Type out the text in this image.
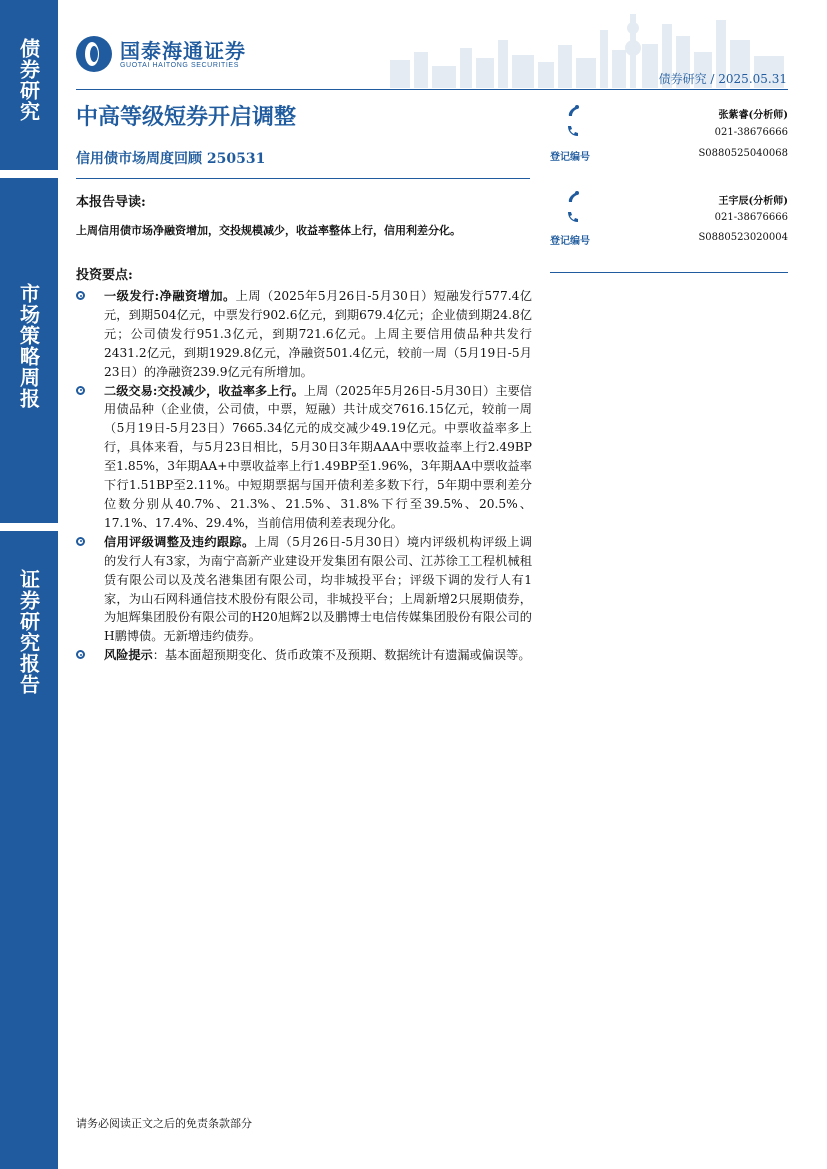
债券研究
市场策略周报
证券研究报告
国泰海通证券
GUOTAI HAITONG SECURITIES
债券研究 / 2025.05.31
中高等级短券开启调整
信用债市场周度回顾 250531	登记编号
张紫睿(分析师)
021-38676666
S0880525040068
登记编号
王宇辰(分析师)
021-38676666
S0880523020004
本报告导读:
上周信用债市场净融资增加，交投规模减少，收益率整体上行，信用利差分化。
投资要点:

一级发行:净融资增加。上周（2025年5月26日-5月30日）短融发行577.4亿元，到期504亿元，中票发行902.6亿元，到期679.4亿元；企业债到期24.8亿元；公司债发行951.3亿元，到期721.6亿元。上周主要信用债品种共发行2431.2亿元，到期1929.8亿元，净融资501.4亿元，较前一周（5月19日-5月23日）的净融资239.9亿元有所增加。

二级交易:交投减少，收益率多上行。上周（2025年5月26日-5月30日）主要信用债品种（企业债，公司债，中票，短融）共计成交7616.15亿元，较前一周（5月19日-5月23日）7665.34亿元的成交减少49.19亿元。中票收益率多上行，具体来看，与5月23日相比，5月30日3年期AAA中票收益率上行2.49BP至1.85%，3年期AA+中票收益率上行1.49BP至1.96%，3年期AA中票收益率下行1.51BP至2.11%。中短期票据与国开债利差多数下行，5年期中票利差分位数分别从40.7%、21.3%、21.5%、31.8%下行至39.5%、20.5%、17.1%、17.4%、29.4%，当前信用债利差表现分化。

信用评级调整及违约跟踪。上周（5月26日-5月30日）境内评级机构评级上调的发行人有3家，为南宁高新产业建设开发集团有限公司、江苏徐工工程机械租赁有限公司以及茂名港集团有限公司，均非城投平台；评级下调的发行人有1家，为山石网科通信技术股份有限公司，非城投平台；上周新增2只展期债券，为旭辉集团股份有限公司的H20旭辉2以及鹏博士电信传媒集团股份有限公司的H鹏博债。无新增违约债券。

风险提示：基本面超预期变化、货币政策不及预期、数据统计有遗漏或偏误等。

请务必阅读正文之后的免责条款部分
